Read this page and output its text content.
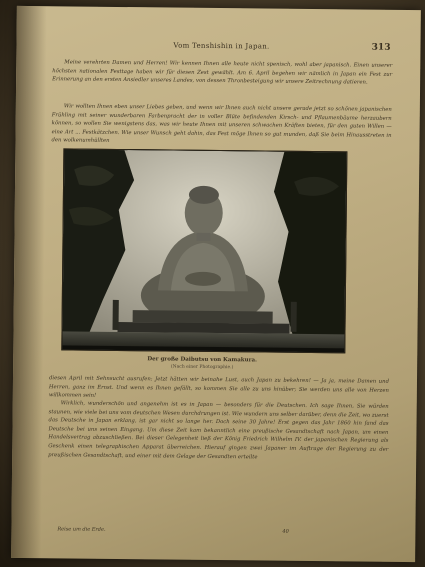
Vom Tenshishin in Japan.	313
Meine verehrten Damen und Herren! Wir kennen Ihnen alle heute nicht spenisch, wohl aber japanisch. Einen unserer höchsten nationalen Festtage haben wir für diesen Zest gewählt. Am 6. April begehen wir nämlich in Japan ein Fest zur Erinnerung an den ersten Ansiedler unseres Landes, von dessen Thronbesteigung wir unsere Zeitrechnung datieren.
Wir wollten Ihnen eben unser Liebes geben, und wenn wir Ihnen auch nicht unsere gerade jetzt so schönen japanischen Frühling mit seiner wunderbaren Farbenpracht der in voller Blüte befindenden Kirsch- und Pflaumenbäume herzaubern können, so wollen Sie wenigstens das, was wir heute Ihnen mit unseren schwachen Kräften bieten, für den guten Willen — eine Art ... Festkätzchen. Wie unser Wunsch geht dahin, das Fest möge Ihnen so gut munden, daß Sie beim Hinausstreten in den wolkenumhüllten
Der große Daibutsu von Kamakura.
(Nach einer Photographie.)
diesen April mit Sehnsucht ausrufen: Jetzt hätten wir beinahe Lust, auch Japan zu bekehren! — Ja ja, meine Damen und Herren, ganz im Ernst. Und wenn es Ihnen gefällt, so kommen Sie alle zu uns hinüber; Sie werden uns alle von Herzen willkommen sein!
Wirklich, wunderschön und angenehm ist es in Japan — besonders für die Deutschen. Ich sage Ihnen, Sie würden staunen, wie viele bei uns vom deutschen Wesen durchdrungen ist. Wie wundern uns selber darüber, denn die Zeit, wo zuerst das Deutsche in Japan erklang, ist gar nicht so lange her. Doch seine 30 Jahre! Erst gegen das Jahr 1860 hin fand das Deutsche bei uns seinen Eingang. Um diese Zeit kam bekanntlich eine preußische Gesandtschaft nach Japan, um einen Handelsvertrag abzuschließen. Bei dieser Gelegenheit ließ der König Friedrich Wilhelm IV. der japanischen Regierung als Geschenk einen telegraphischen Apparat überreichen. Hierauf gingen zwei Japaner im Auftrage der Regierung zu der preußischen Gesandtschaft, und einer mit dem Gelage der Gesandten erteilte
Reise um die Erde.	40
